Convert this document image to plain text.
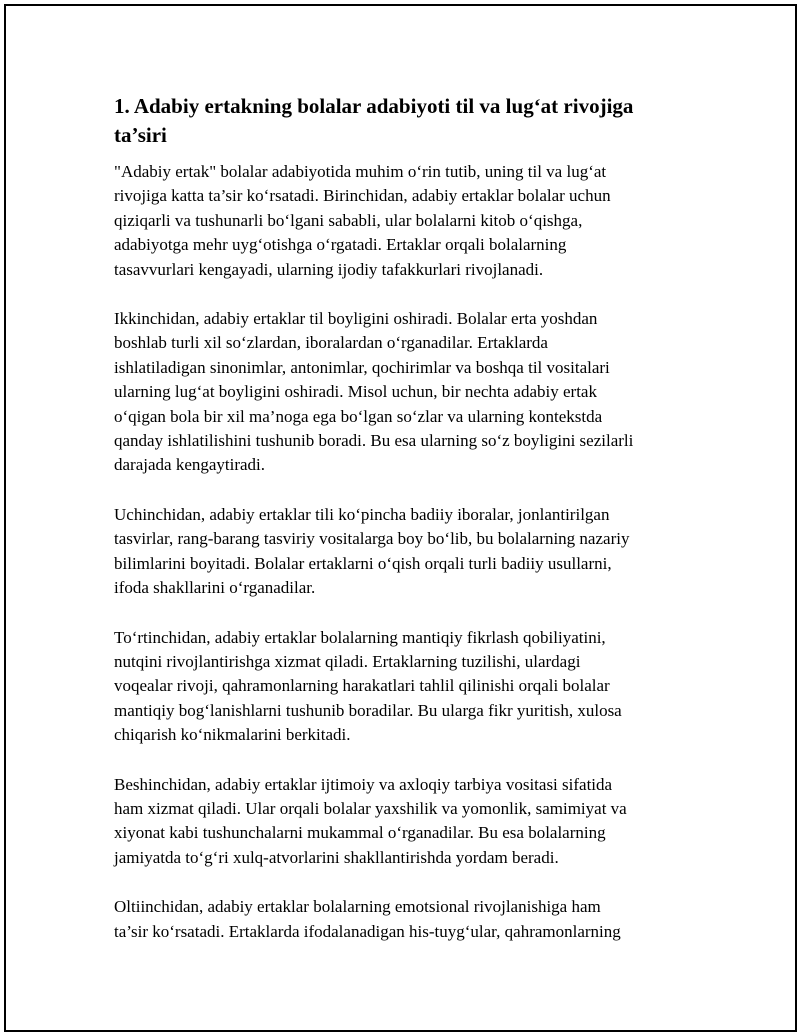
1. Adabiy ertakning bolalar adabiyoti til va lug‘at rivojiga
ta’siri

"Adabiy ertak" bolalar adabiyotida muhim o‘rin tutib, uning til va lug‘at
rivojiga katta ta’sir ko‘rsatadi. Birinchidan, adabiy ertaklar bolalar uchun
qiziqarli va tushunarli bo‘lgani sababli, ular bolalarni kitob o‘qishga,
adabiyotga mehr uyg‘otishga o‘rgatadi. Ertaklar orqali bolalarning
tasavvurlari kengayadi, ularning ijodiy tafakkurlari rivojlanadi.

Ikkinchidan, adabiy ertaklar til boyligini oshiradi. Bolalar erta yoshdan
boshlab turli xil so‘zlardan, iboralardan o‘rganadilar. Ertaklarda
ishlatiladigan sinonimlar, antonimlar, qochirimlar va boshqa til vositalari
ularning lug‘at boyligini oshiradi. Misol uchun, bir nechta adabiy ertak
o‘qigan bola bir xil ma’noga ega bo‘lgan so‘zlar va ularning kontekstda
qanday ishlatilishini tushunib boradi. Bu esa ularning so‘z boyligini sezilarli
darajada kengaytiradi.

Uchinchidan, adabiy ertaklar tili ko‘pincha badiiy iboralar, jonlantirilgan
tasvirlar, rang-barang tasviriy vositalarga boy bo‘lib, bu bolalarning nazariy
bilimlarini boyitadi. Bolalar ertaklarni o‘qish orqali turli badiiy usullarni,
ifoda shakllarini o‘rganadilar.

To‘rtinchidan, adabiy ertaklar bolalarning mantiqiy fikrlash qobiliyatini,
nutqini rivojlantirishga xizmat qiladi. Ertaklarning tuzilishi, ulardagi
voqealar rivoji, qahramonlarning harakatlari tahlil qilinishi orqali bolalar
mantiqiy bog‘lanishlarni tushunib boradilar. Bu ularga fikr yuritish, xulosa
chiqarish ko‘nikmalarini berkitadi.

Beshinchidan, adabiy ertaklar ijtimoiy va axloqiy tarbiya vositasi sifatida
ham xizmat qiladi. Ular orqali bolalar yaxshilik va yomonlik, samimiyat va
xiyonat kabi tushunchalarni mukammal o‘rganadilar. Bu esa bolalarning
jamiyatda to‘g‘ri xulq-atvorlarini shakllantirishda yordam beradi.

Oltiinchidan, adabiy ertaklar bolalarning emotsional rivojlanishiga ham
ta’sir ko‘rsatadi. Ertaklarda ifodalanadigan his-tuyg‘ular, qahramonlarning
